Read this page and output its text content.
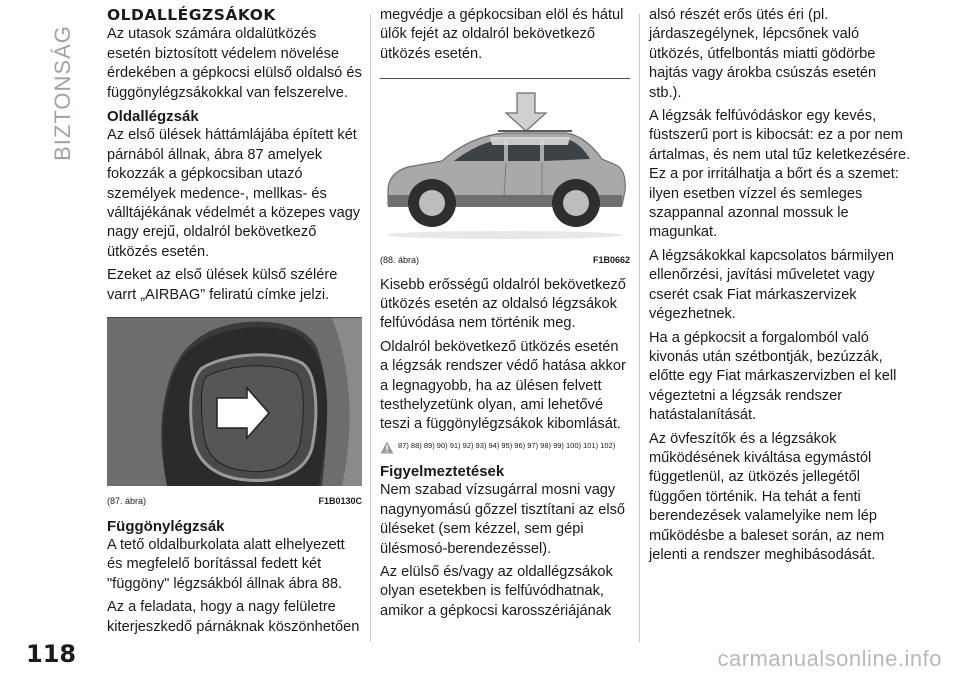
BIZTONSÁG
118	carmanualsonline.info
OLDALLÉGZSÁKOK

Az utasok számára oldalütközés esetén biztosított védelem növelése érdekében a gépkocsi elülső oldalsó és függönylégzsákokkal van felszerelve.

Oldallégzsák

Az első ülések háttámlájába épített két párnából állnak, ábra 87 amelyek fokozzák a gépkocsiban utazó személyek medence-, mellkas- és válltájékának védelmét a közepes vagy nagy erejű, oldalról bekövetkező ütközés esetén.

Ezeket az első ülések külső szélére varrt „AIRBAG” feliratú címke jelzi.

(87. ábra)	F1B0130C
Függönylégzsák

A tető oldalburkolata alatt elhelyezett és megfelelő borítással fedett két "függöny" légzsákból állnak ábra 88.

Az a feladata, hogy a nagy felületre kiterjeszkedő párnáknak köszönhetően

megvédje a gépkocsiban elöl és hátul ülők fejét az oldalról bekövetkező ütközés esetén.

(88. ábra)	F1B0662

Kisebb erősségű oldalról bekövetkező ütközés esetén az oldalsó légzsákok felfúvódása nem történik meg.

Oldalról bekövetkező ütközés esetén a légzsák rendszer védő hatása akkor a legnagyobb, ha az ülésen felvett testhelyzetünk olyan, ami lehetővé teszi a függönylégzsákok kibomlását.

87) 88) 89) 90) 91) 92) 93) 94) 95) 96) 97) 98) 99) 100) 101) 102)
Figyelmeztetések

Nem szabad vízsugárral mosni vagy nagynyomású gőzzel tisztítani az első üléseket (sem kézzel, sem gépi ülésmosó-berendezéssel).

Az elülső és/vagy az oldallégzsákok olyan esetekben is felfúvódhatnak, amikor a gépkocsi karosszériájának

alsó részét erős ütés éri (pl. járdaszegélynek, lépcsőnek való ütközés, útfelbontás miatti gödörbe hajtás vagy árokba csúszás esetén stb.).

A légzsák felfúvódáskor egy kevés, füstszerű port is kibocsát: ez a por nem ártalmas, és nem utal tűz keletkezésére. Ez a por irritálhatja a bőrt és a szemet: ilyen esetben vízzel és semleges szappannal azonnal mossuk le magunkat.

A légzsákokkal kapcsolatos bármilyen ellenőrzési, javítási műveletet vagy cserét csak Fiat márkaszervizek végezhetnek.

Ha a gépkocsit a forgalomból való kivonás után szétbontják, bezúzzák, előtte egy Fiat márkaszervizben el kell végeztetni a légzsák rendszer hatástalanítását.

Az övfeszítők és a légzsákok működésének kiváltása egymástól függetlenül, az ütközés jellegétől függően történik. Ha tehát a fenti berendezések valamelyike nem lép működésbe a baleset során, az nem jelenti a rendszer meghibásodását.
